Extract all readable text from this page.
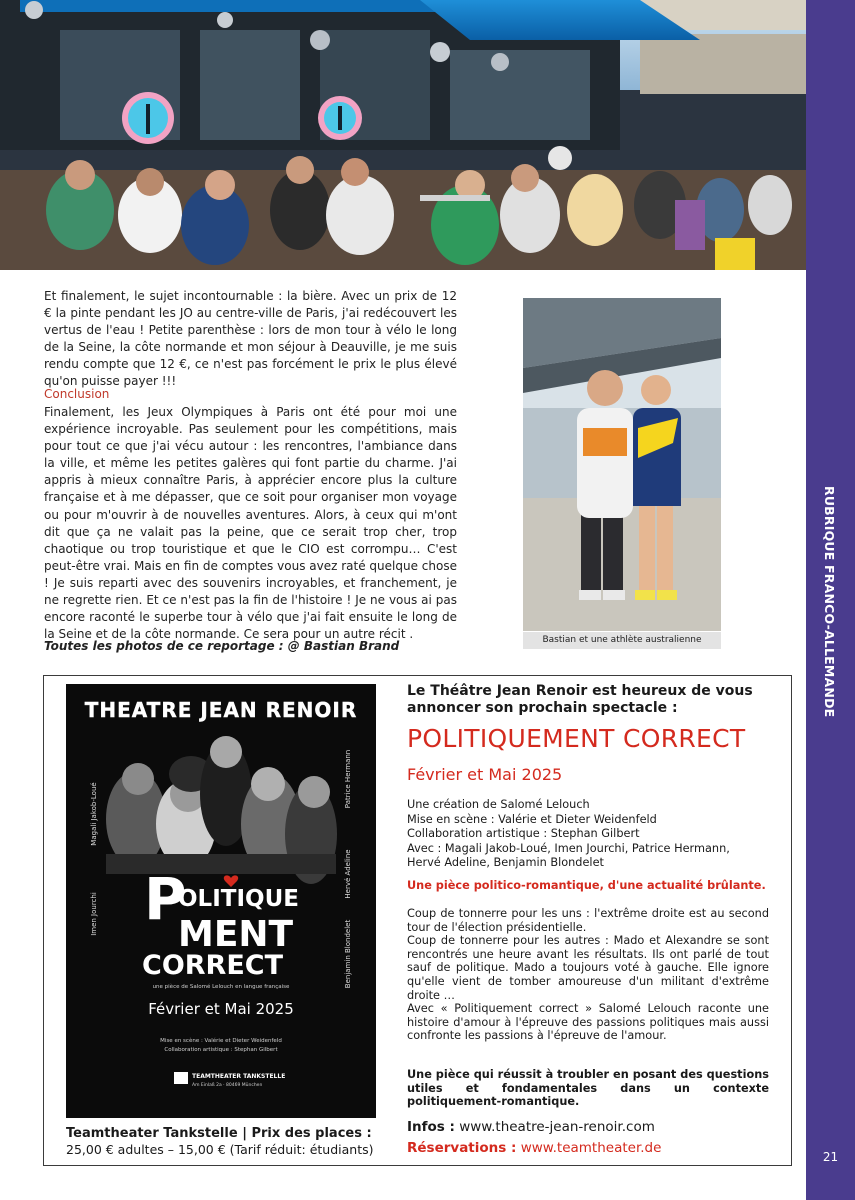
RUBRIQUE FRANCO-ALLEMANDE
21

Et finalement, le sujet incontournable : la bière. Avec un prix de 12 € la pinte pendant les JO au centre-ville de Paris, j'ai redécouvert les vertus de l'eau ! Petite parenthèse : lors de mon tour à vélo le long de la Seine, la côte normande et mon séjour à Deauville, je me suis rendu compte que 12 €, ce n'est pas forcément le prix le plus élevé qu'on puisse payer !!!

Conclusion

Finalement, les Jeux Olympiques à Paris ont été pour moi une expérience incroyable. Pas seulement pour les compétitions, mais pour tout ce que j'ai vécu autour : les rencontres, l'ambiance dans la ville, et même les petites galères qui font partie du charme. J'ai appris à mieux connaître Paris, à apprécier encore plus la culture française et à me dépasser, que ce soit pour organiser mon voyage ou pour m'ouvrir à de nouvelles aventures. Alors, à ceux qui m'ont dit que ça ne valait pas la peine, que ce serait trop cher, trop chaotique ou trop touristique et que le CIO est corrompu… C'est peut-être vrai. Mais en fin de comptes vous avez raté quelque chose ! Je suis reparti avec des souvenirs incroyables, et franchement, je ne regrette rien. Et ce n'est pas la fin de l'histoire ! Je ne vous ai pas encore raconté le superbe tour à vélo que j'ai fait ensuite le long de la Seine et de la côte normande. Ce sera pour un autre récit .

Toutes les photos de ce reportage : @ Bastian Brand	Bastian et une athlète australienne
THEATRE JEAN RENOIR
Magali Jakob-Loué
Imen Jourchi
Patrice Hermann
Hervé Adeline
Benjamin Blondelet
P
OLITIQUE
MENT
CORRECT
une pièce de Salomé Lelouch en langue française
Février et Mai 2025
Mise en scène : Valérie et Dieter Weidenfeld
Collaboration artistique : Stephan Gilbert
TEAMTHEATER TANKSTELLE
Am Einlaß 2a · 80469 München
Teamtheater Tankstelle | Prix des places :
25,00 € adultes – 15,00 € (Tarif réduit: étudiants)
Le Théâtre Jean Renoir est heureux de vous annoncer son prochain spectacle :
POLITIQUEMENT CORRECT
Février et Mai 2025
Une création de Salomé Lelouch
Mise en scène : Valérie et Dieter Weidenfeld
Collaboration artistique : Stephan Gilbert
Avec : Magali Jakob-Loué, Imen Jourchi, Patrice Hermann, Hervé Adeline, Benjamin Blondelet
Une pièce politico-romantique, d'une actualité brûlante.

Coup de tonnerre pour les uns : l'extrême droite est au second tour de l'élection présidentielle.

Coup de tonnerre pour les autres : Mado et Alexandre se sont rencontrés une heure avant les résultats. Ils ont parlé de tout sauf de politique. Mado a toujours voté à gauche. Elle ignore qu'elle vient de tomber amoureuse d'un militant d'extrême droite …

Avec « Politiquement correct » Salomé Lelouch raconte une histoire d'amour à l'épreuve des passions politiques mais aussi confronte les passions à l'épreuve de l'amour.

Une pièce qui réussit à troubler en posant des questions utiles et fondamentales dans un contexte politiquement-romantique.
Infos : www.theatre-jean-renoir.com
Réservations : www.teamtheater.de
